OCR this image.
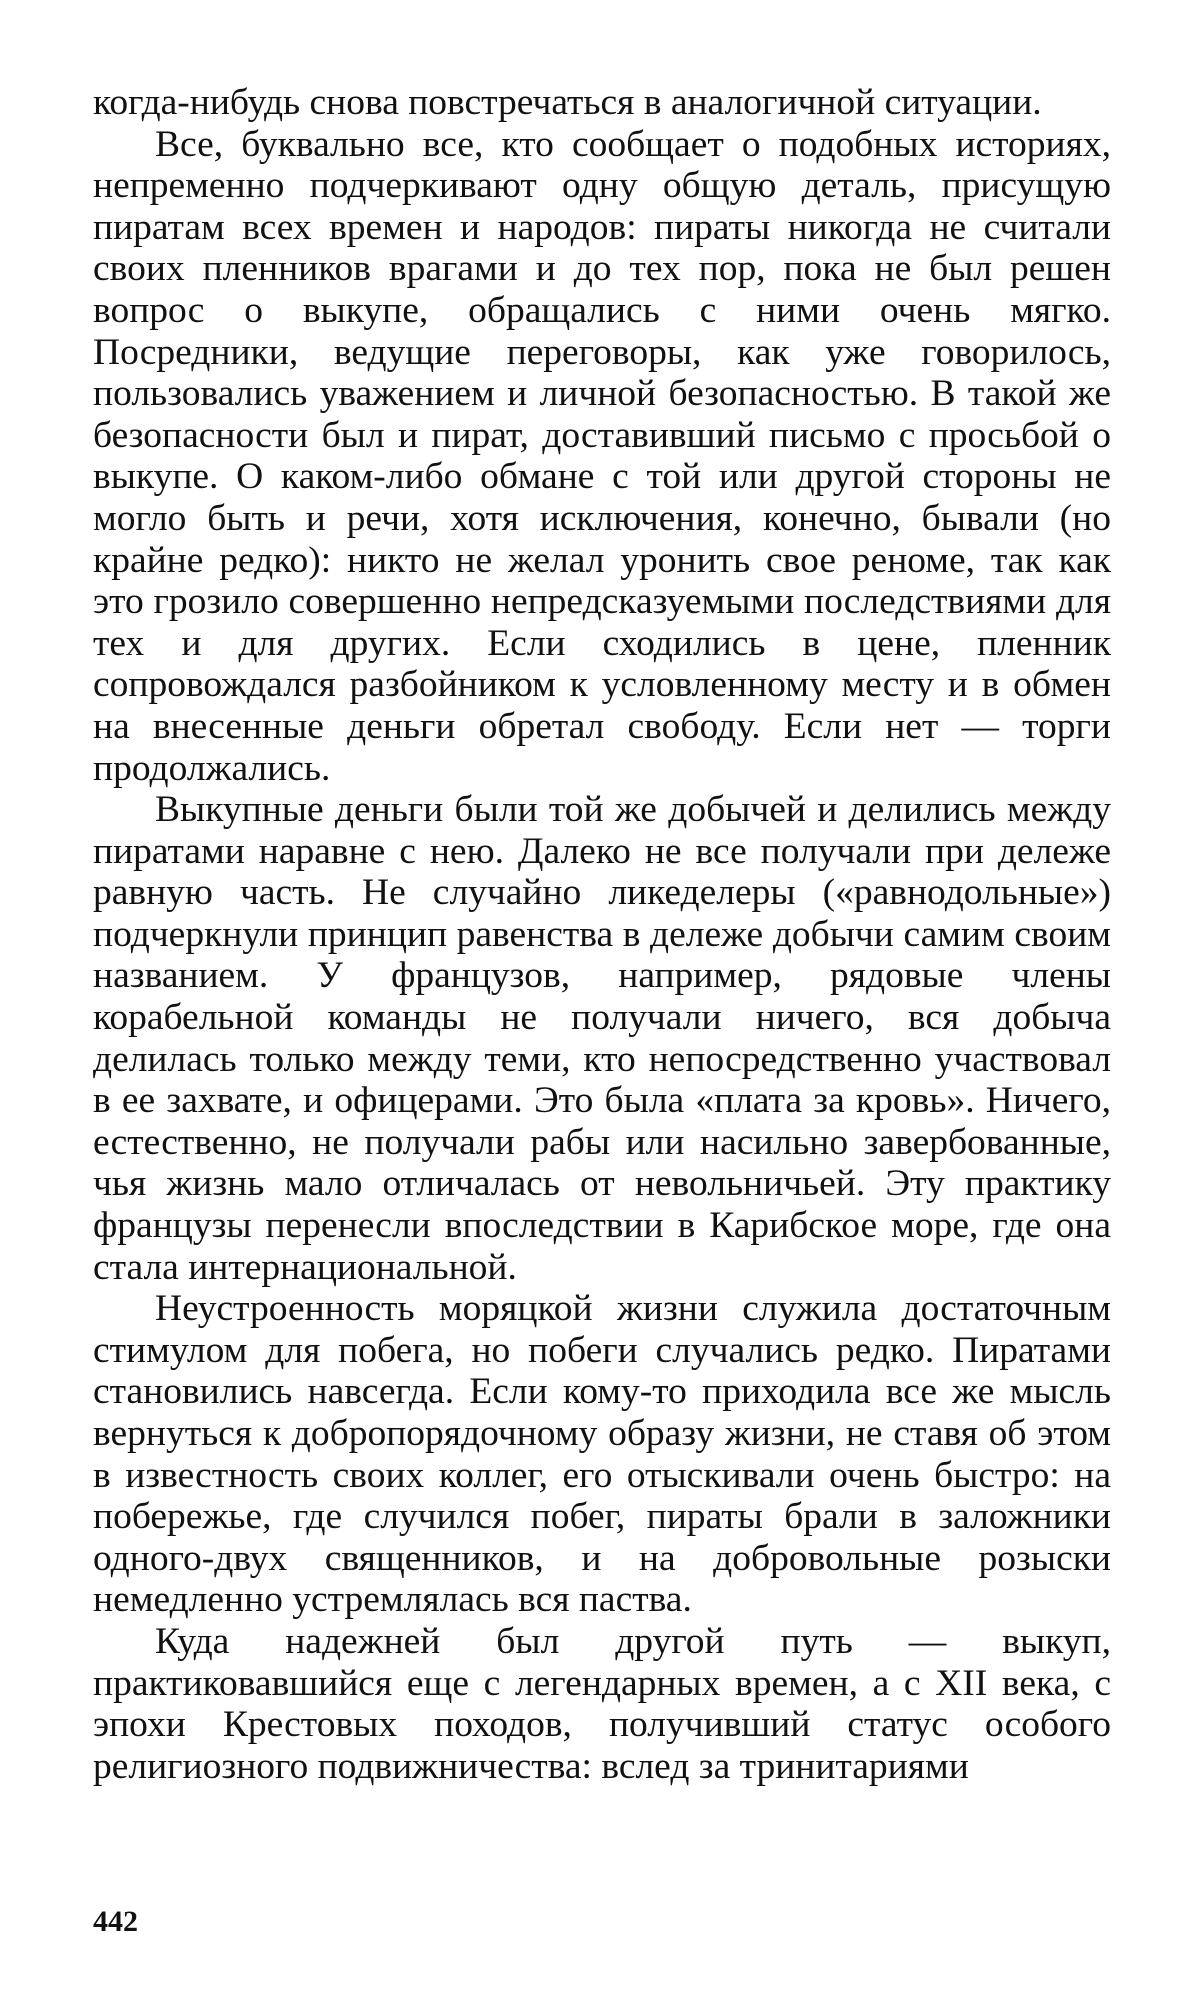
когда-нибудь снова повстречаться в аналогичной ситуации.

Все, буквально все, кто сообщает о подобных историях, непременно подчеркивают одну общую деталь, присущую пиратам всех времен и народов: пираты никогда не считали своих пленников врагами и до тех пор, пока не был решен вопрос о выкупе, обращались с ними очень мягко. Посредники, ведущие переговоры, как уже говорилось, пользовались уважением и личной безопасностью. В такой же безопасности был и пират, доставивший письмо с просьбой о выкупе. О каком-либо обмане с той или другой стороны не могло быть и речи, хотя исключения, конечно, бывали (но крайне редко): никто не желал уронить свое реноме, так как это грозило совершенно непредсказуемыми последствиями для тех и для других. Если сходились в цене, пленник сопровождался разбойником к условленному месту и в обмен на внесенные деньги обретал свободу. Если нет — торги продолжались.

Выкупные деньги были той же добычей и делились между пиратами наравне с нею. Далеко не все получали при дележе равную часть. Не случайно ликеделеры («равнодольные») подчеркнули принцип равенства в дележе добычи самим своим названием. У французов, например, рядовые члены корабельной команды не получали ничего, вся добыча делилась только между теми, кто непосредственно участвовал в ее захвате, и офицерами. Это была «плата за кровь». Ничего, естественно, не получали рабы или насильно завербованные, чья жизнь мало отличалась от невольничьей. Эту практику французы перенесли впоследствии в Карибское море, где она стала интернациональной.

Неустроенность моряцкой жизни служила достаточным стимулом для побега, но побеги случались редко. Пиратами становились навсегда. Если кому-то приходила все же мысль вернуться к добропорядочному образу жизни, не ставя об этом в известность своих коллег, его отыскивали очень быстро: на побережье, где случился побег, пираты брали в заложники одного-двух священников, и на добровольные розыски немедленно устремлялась вся паства.

Куда надежней был другой путь — выкуп, практиковавшийся еще с легендарных времен, а с XII века, с эпохи Крестовых походов, получивший статус особого религиозного подвижничества: вслед за тринитариями

442
